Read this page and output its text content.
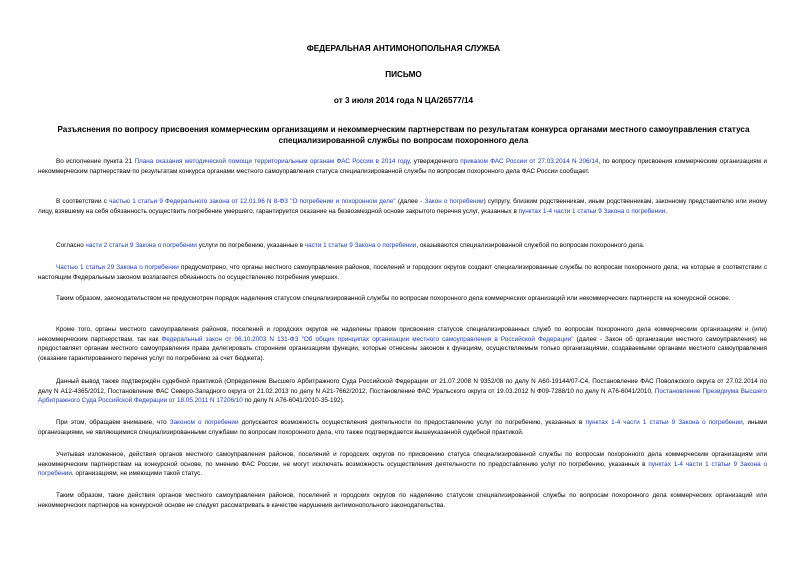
ФЕДЕРАЛЬНАЯ АНТИМОНОПОЛЬНАЯ СЛУЖБА
ПИСЬМО
от 3 июля 2014 года N ЦА/26577/14
Разъяснения по вопросу присвоения коммерческим организациям и некоммерческим партнерствам по результатам конкурса органами местного самоуправления статуса специализированной службы по вопросам похоронного дела
Во исполнение пункта 21 Плана оказания методической помощи территориальным органам ФАС России в 2014 году, утвержденного приказом ФАС России от 27.03.2014 N 206/14, по вопросу присвоения коммерческим организациям и некоммерческим партнерствам по результатам конкурса органами местного самоуправления статуса специализированной службы по вопросам похоронного дела ФАС России сообщает.
В соответствии с частью 1 статьи 9 Федерального закона от 12.01.96 N 8-ФЗ "О погребении и похоронном деле" (далее - Закон о погребении) супругу, близким родственникам, иным родственникам, законному представителю или иному лицу, взявшему на себя обязанность осуществить погребение умершего, гарантируется оказание на безвозмездной основе закрытого перечня услуг, указанных в пунктах 1-4 части 1 статьи 9 Закона о погребении.
Согласно части 2 статьи 9 Закона о погребении услуги по погребению, указанные в части 1 статьи 9 Закона о погребении, оказываются специализированной службой по вопросам похоронного дела.
Частью 1 статьи 29 Закона о погребении предусмотрено, что органы местного самоуправления районов, поселений и городских округов создают специализированные службы по вопросам похоронного дела, на которые в соответствии с настоящим Федеральным законом возлагается обязанность по осуществлению погребения умерших.
Таким образом, законодательством не предусмотрен порядок наделения статусом специализированной службы по вопросам похоронного дела коммерческих организаций или некоммерческих партнерств на конкурсной основе.
Кроме того, органы местного самоуправления районов, поселений и городских округов не наделены правом присвоения статусов специализированных служб по вопросам похоронного дела коммерческим организациям и (или) некоммерческим партнерствам, так как Федеральный закон от 06.10.2003 N 131-ФЗ "Об общих принципах организации местного самоуправления в Российской Федерации" (далее - Закон об организации местного самоуправления) не предоставляет органам местного самоуправления права делегировать сторонним организациям функции, которые отнесены законом к функциям, осуществляемым только организациями, создаваемыми органами местного самоуправления (оказание гарантированного перечня услуг по погребению за счет бюджета).
Данный вывод также подтверждён судебной практикой (Определение Высшего Арбитражного Суда Российской Федерации от 21.07.2008 N 9352/08 по делу N А60-19144/07-С4, Постановление ФАС Поволжского округа от 27.02.2014 по делу N А12-4365/2012, Постановление ФАС Северо-Западного округа от 21.02.2013 по делу N А21-7662/2012, Постановление ФАС Уральского округа от 19.03.2012 N Ф09-7288/10 по делу N А76-6041/2010, Постановление Президиума Высшего Арбитражного Суда Российской Федерации от 18.05.2011 N 17206/10 по делу N А76-6041/2010-35-192).
При этом, обращаем внимание, что Законом о погребении допускается возможность осуществления деятельности по предоставлению услуг по погребению, указанных в пунктах 1-4 части 1 статьи 9 Закона о погребении, иными организациями, не являющимися специализированными службами по вопросам похоронного дела, что также подтверждается вышеуказанной судебной практикой.
Учитывая изложенное, действия органов местного самоуправления районов, поселений и городских округов по присвоению статуса специализированной службы по вопросам похоронного дела коммерческим организациям или некоммерческим партнерствам на конкурсной основе, по мнению ФАС России, не могут исключать возможность осуществления деятельности по предоставлению услуг по погребению, указанных в пунктах 1-4 части 1 статьи 9 Закона о погребении, организациям, не имеющими такой статус.
Таким образом, такие действия органов местного самоуправления районов, поселений и городских округов по наделению статусом специализированной службы по вопросам похоронного дела коммерческих организаций или некоммерческих партнеров на конкурсной основе не следует рассматривать в качестве нарушения антимонопольного законодательства.
